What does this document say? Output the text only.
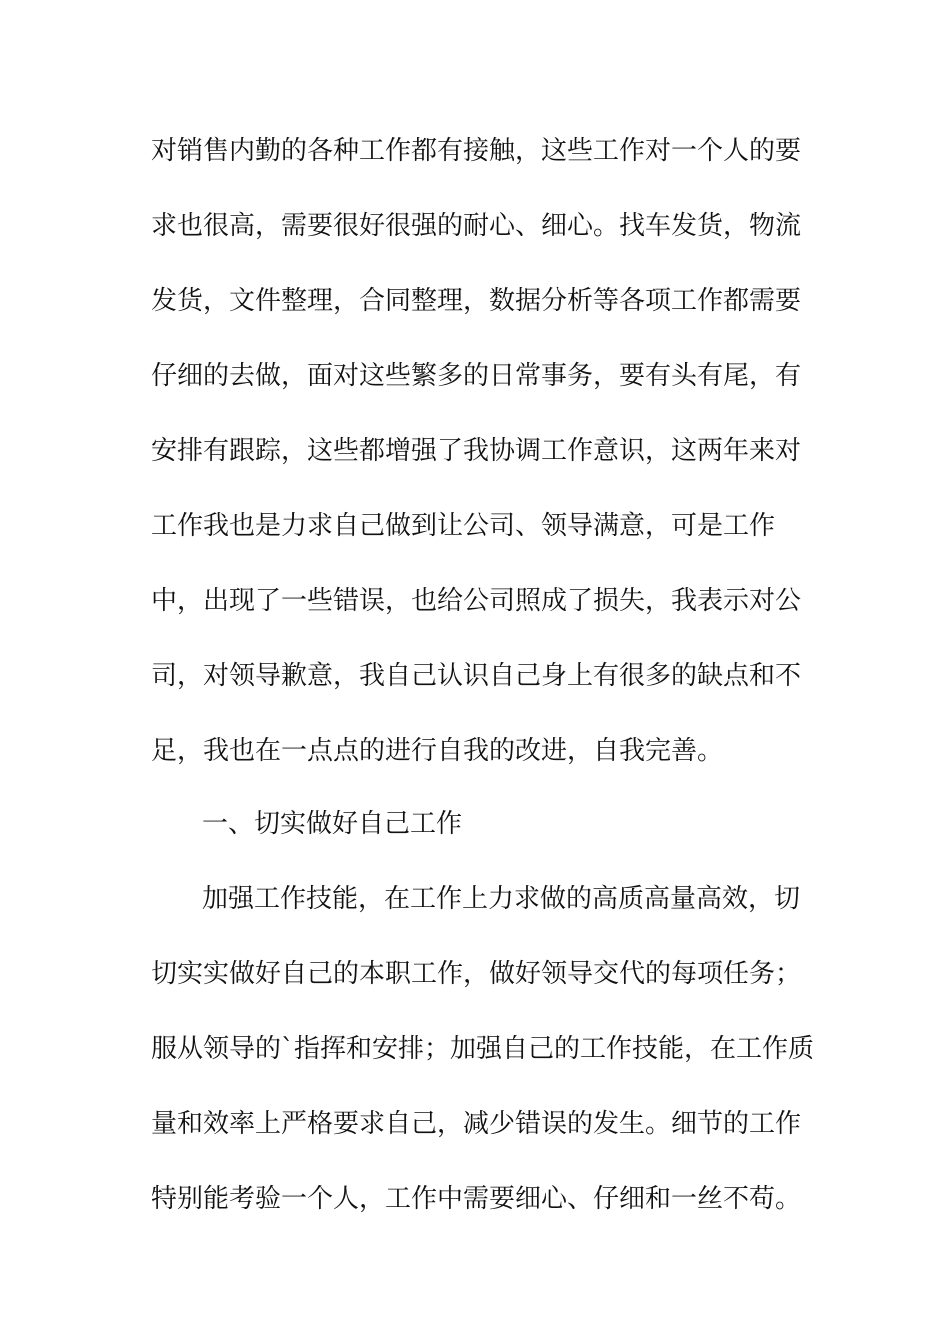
对销售内勤的各种工作都有接触，这些工作对一个人的要
求也很高，需要很好很强的耐心、细心。找车发货，物流
发货，文件整理，合同整理，数据分析等各项工作都需要
仔细的去做，面对这些繁多的日常事务，要有头有尾，有
安排有跟踪，这些都增强了我协调工作意识，这两年来对
工作我也是力求自己做到让公司、领导满意，可是工作
中，出现了一些错误，也给公司照成了损失，我表示对公
司，对领导歉意，我自己认识自己身上有很多的缺点和不
足，我也在一点点的进行自我的改进，自我完善。
一、切实做好自己工作
加强工作技能，在工作上力求做的高质高量高效，切
切实实做好自己的本职工作，做好领导交代的每项任务；
服从领导的`指挥和安排；加强自己的工作技能，在工作质
量和效率上严格要求自己，减少错误的发生。细节的工作
特别能考验一个人，工作中需要细心、仔细和一丝不苟。
